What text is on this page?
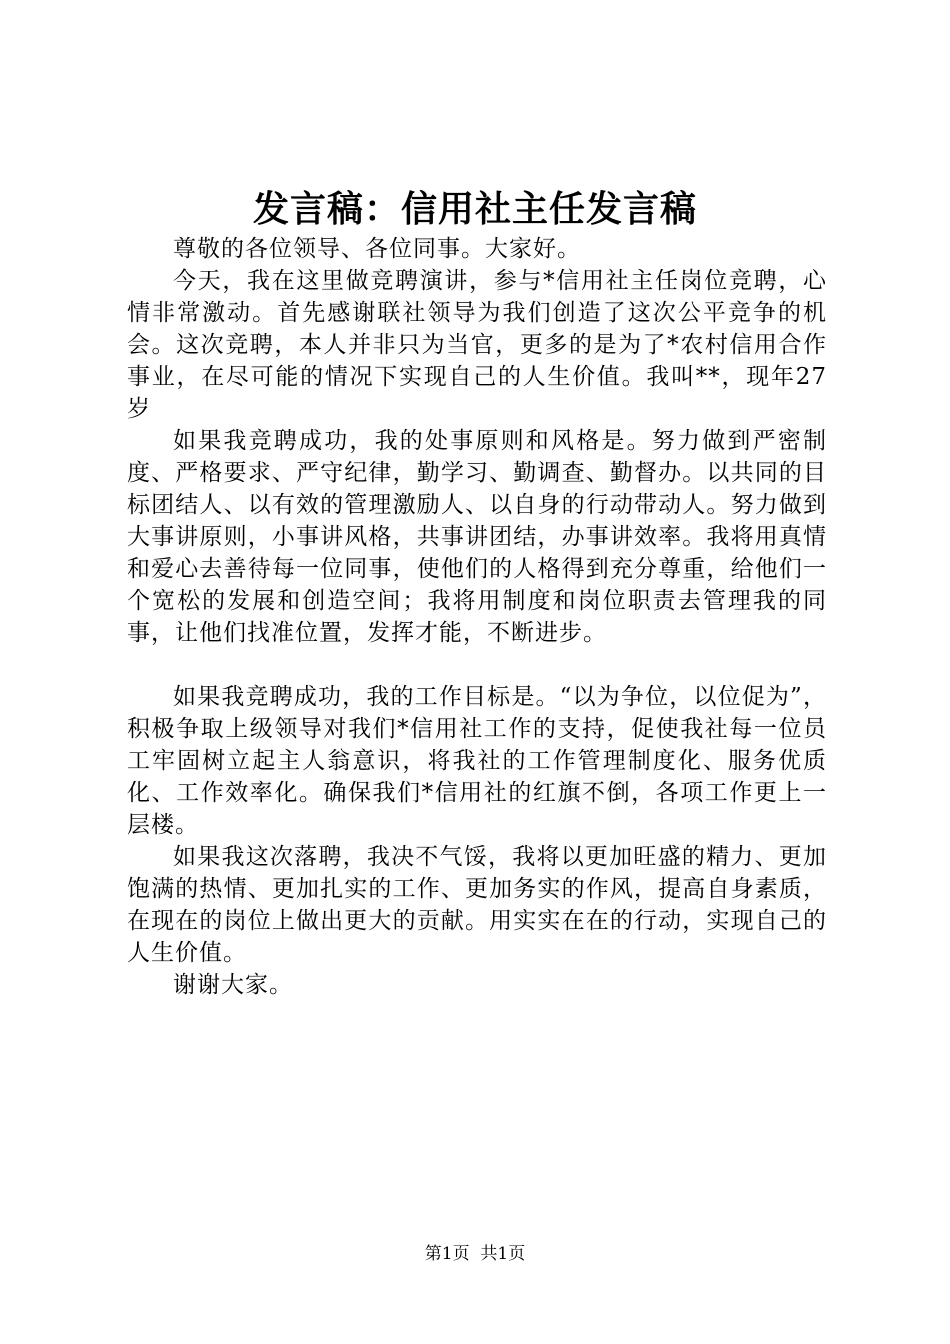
发言稿：信用社主任发言稿

尊敬的各位领导、各位同事。大家好。

今天，我在这里做竞聘演讲，参与*信用社主任岗位竞聘，心情非常激动。首先感谢联社领导为我们创造了这次公平竞争的机会。这次竞聘，本人并非只为当官，更多的是为了*农村信用合作事业，在尽可能的情况下实现自己的人生价值。我叫**，现年27岁

如果我竞聘成功，我的处事原则和风格是。努力做到严密制度、严格要求、严守纪律，勤学习、勤调查、勤督办。以共同的目标团结人、以有效的管理激励人、以自身的行动带动人。努力做到大事讲原则，小事讲风格，共事讲团结，办事讲效率。我将用真情和爱心去善待每一位同事，使他们的人格得到充分尊重，给他们一个宽松的发展和创造空间；我将用制度和岗位职责去管理我的同事，让他们找准位置，发挥才能，不断进步。

如果我竞聘成功，我的工作目标是。“以为争位，以位促为”，积极争取上级领导对我们*信用社工作的支持，促使我社每一位员工牢固树立起主人翁意识，将我社的工作管理制度化、服务优质化、工作效率化。确保我们*信用社的红旗不倒，各项工作更上一层楼。

如果我这次落聘，我决不气馁，我将以更加旺盛的精力、更加饱满的热情、更加扎实的工作、更加务实的作风，提高自身素质，在现在的岗位上做出更大的贡献。用实实在在的行动，实现自己的人生价值。

谢谢大家。

第1页  共1页
